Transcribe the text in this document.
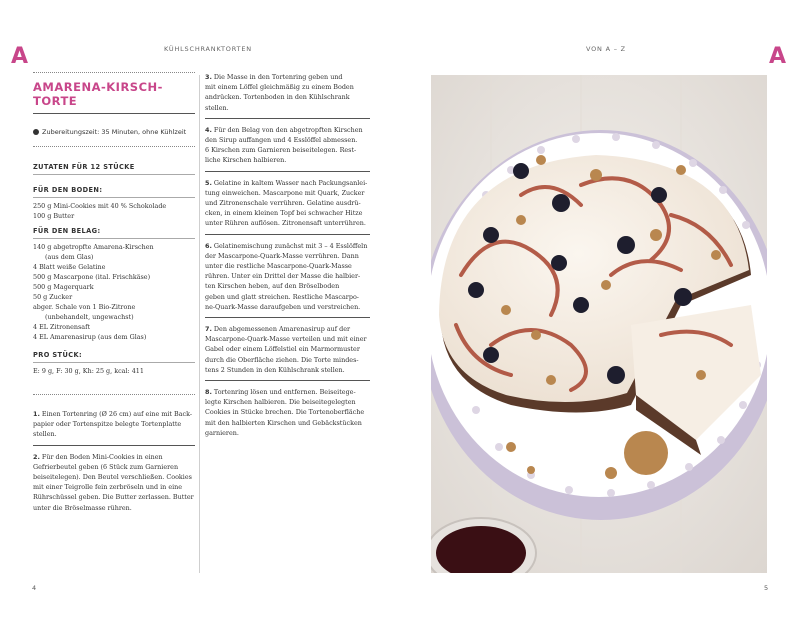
A	A
KÜHLSCHRANKTORTEN	VON A – Z
AMARENA-KIRSCH-TORTE
Zubereitungszeit: 35 Minuten, ohne Kühlzeit
ZUTATEN FÜR 12 STÜCKE
FÜR DEN BODEN:
250 g Mini-Cookies mit 40 % Schokolade
100 g Butter
FÜR DEN BELAG:
140 g abgetropfte Amarena-Kirschen
(aus dem Glas)
4 Blatt weiße Gelatine
500 g Mascarpone (ital. Frischkäse)
500 g Magerquark
50 g Zucker
abger. Schale von 1 Bio-Zitrone
(unbehandelt, ungewachst)
4 EL Zitronensaft
4 EL Amarenasirup (aus dem Glas)
PRO STÜCK:
E: 9 g, F: 30 g, Kh: 25 g, kcal: 411
1. Einen Tortenring (Ø 26 cm) auf eine mit Back-
papier oder Tortenspitze belegte Tortenplatte
stellen.
2. Für den Boden Mini-Cookies in einen
Gefrierbeutel geben (6 Stück zum Garnieren
beiseitelegen). Den Beutel verschließen. Cookies
mit einer Teigrolle fein zerbröseln und in eine
Rührschüssel geben. Die Butter zerlassen. Butter
unter die Bröselmasse rühren.
3. Die Masse in den Tortenring geben und
mit einem Löffel gleichmäßig zu einem Boden
andrücken. Tortenboden in den Kühlschrank
stellen.
4. Für den Belag von den abgetropften Kirschen
den Sirup auffangen und 4 Esslöffel abmessen.
6 Kirschen zum Garnieren beiseitelegen. Rest-
liche Kirschen halbieren.
5. Gelatine in kaltem Wasser nach Packungsanlei-
tung einweichen. Mascarpone mit Quark, Zucker
und Zitronenschale verrühren. Gelatine ausdrü-
cken, in einem kleinen Topf bei schwacher Hitze
unter Rühren auflösen. Zitronensaft unterrühren.
6. Gelatinemischung zunächst mit 3 – 4 Esslöffeln
der Mascarpone-Quark-Masse verrühren. Dann
unter die restliche Mascarpone-Quark-Masse
rühren. Unter ein Drittel der Masse die halbier-
ten Kirschen heben, auf den Bröselboden
geben und glatt streichen. Restliche Mascarpo-
ne-Quark-Masse daraufgeben und verstreichen.
7. Den abgemessenen Amarenasirup auf der
Mascarpone-Quark-Masse verteilen und mit einer
Gabel oder einem Löffelstiel ein Marmormuster
durch die Oberfläche ziehen. Die Torte mindes-
tens 2 Stunden in den Kühlschrank stellen.
8. Tortenring lösen und entfernen. Beiseitege-
legte Kirschen halbieren. Die beiseitegelegten
Cookies in Stücke brechen. Die Tortenoberfläche
mit den halbierten Kirschen und Gebäckstücken
garnieren.
4	5
